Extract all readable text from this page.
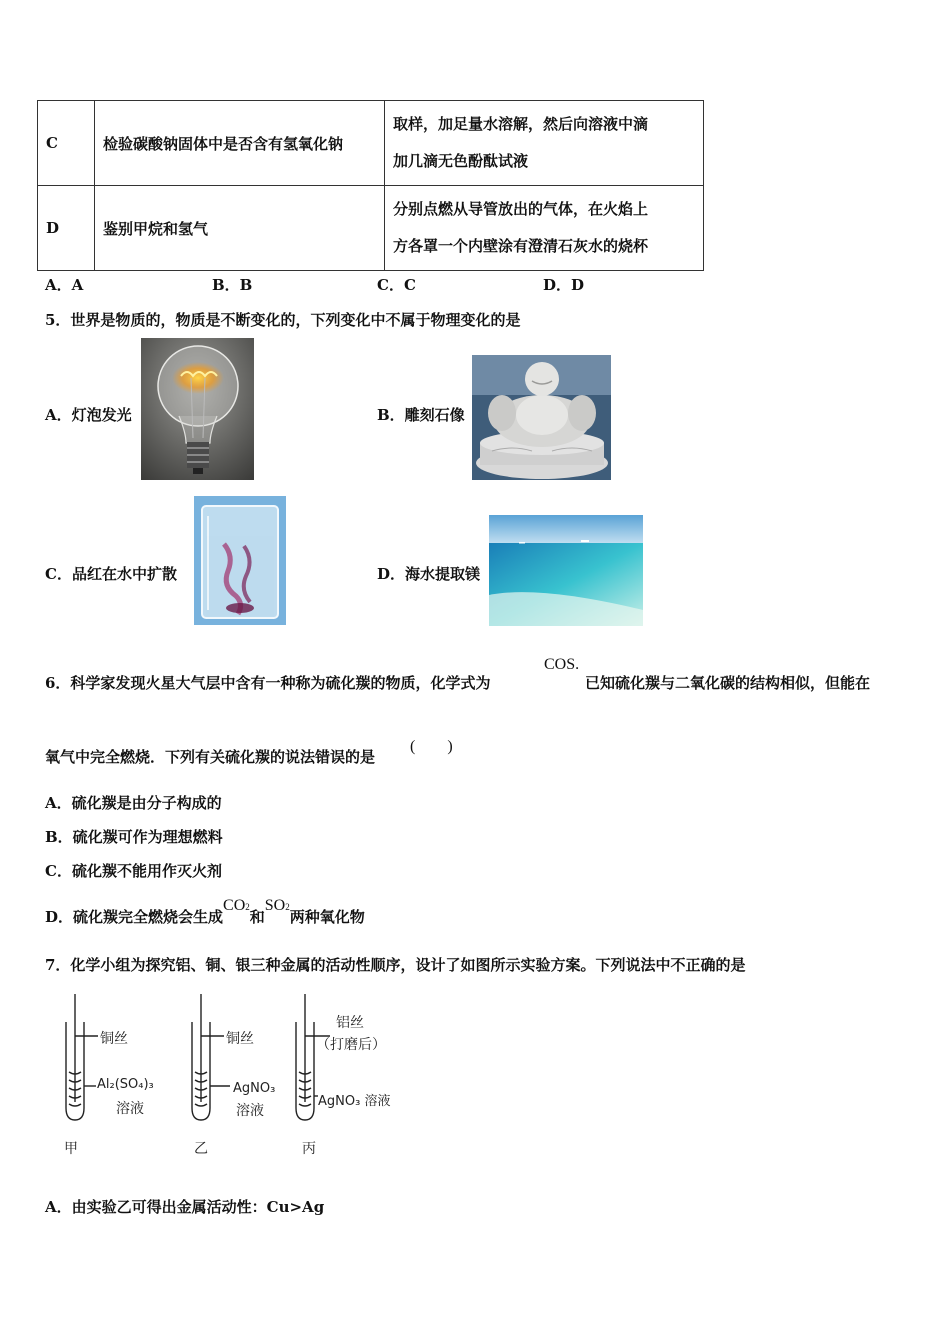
C	检验碳酸钠固体中是否含有氢氧化钠	取样，加足量水溶解，然后向溶液中滴
加几滴无色酚酞试液

D	鉴别甲烷和氢气	分别点燃从导管放出的气体，在火焰上
方各罩一个内壁涂有澄清石灰水的烧杯
A．A	B．B	C．C	D．D
5．世界是物质的，物质是不断变化的，下列变化中不属于物理变化的是
A．灯泡发光	B．雕刻石像
C．品红在水中扩散	D．海水提取镁
6．科学家发现火星大气层中含有一种称为硫化羰的物质，化学式为
COS.
已知硫化羰与二氧化碳的结构相似，但能在
氧气中完全燃烧．下列有关硫化羰的说法错误的是
(　　)
A．硫化羰是由分子构成的
B．硫化羰可作为理想燃料
C．硫化羰不能用作灭火剂
D．硫化羰完全燃烧会生成CO2和SO2两种氧化物
7．化学小组为探究铝、铜、银三种金属的活动性顺序，设计了如图所示实验方案。下列说法中不正确的是
铜丝
Al₂(SO₄)₃
溶液
甲
铜丝
AgNO₃
溶液
乙
铝丝
（打磨后）
AgNO₃ 溶液
丙
A．由实验乙可得出金属活动性：Cu>Ag
